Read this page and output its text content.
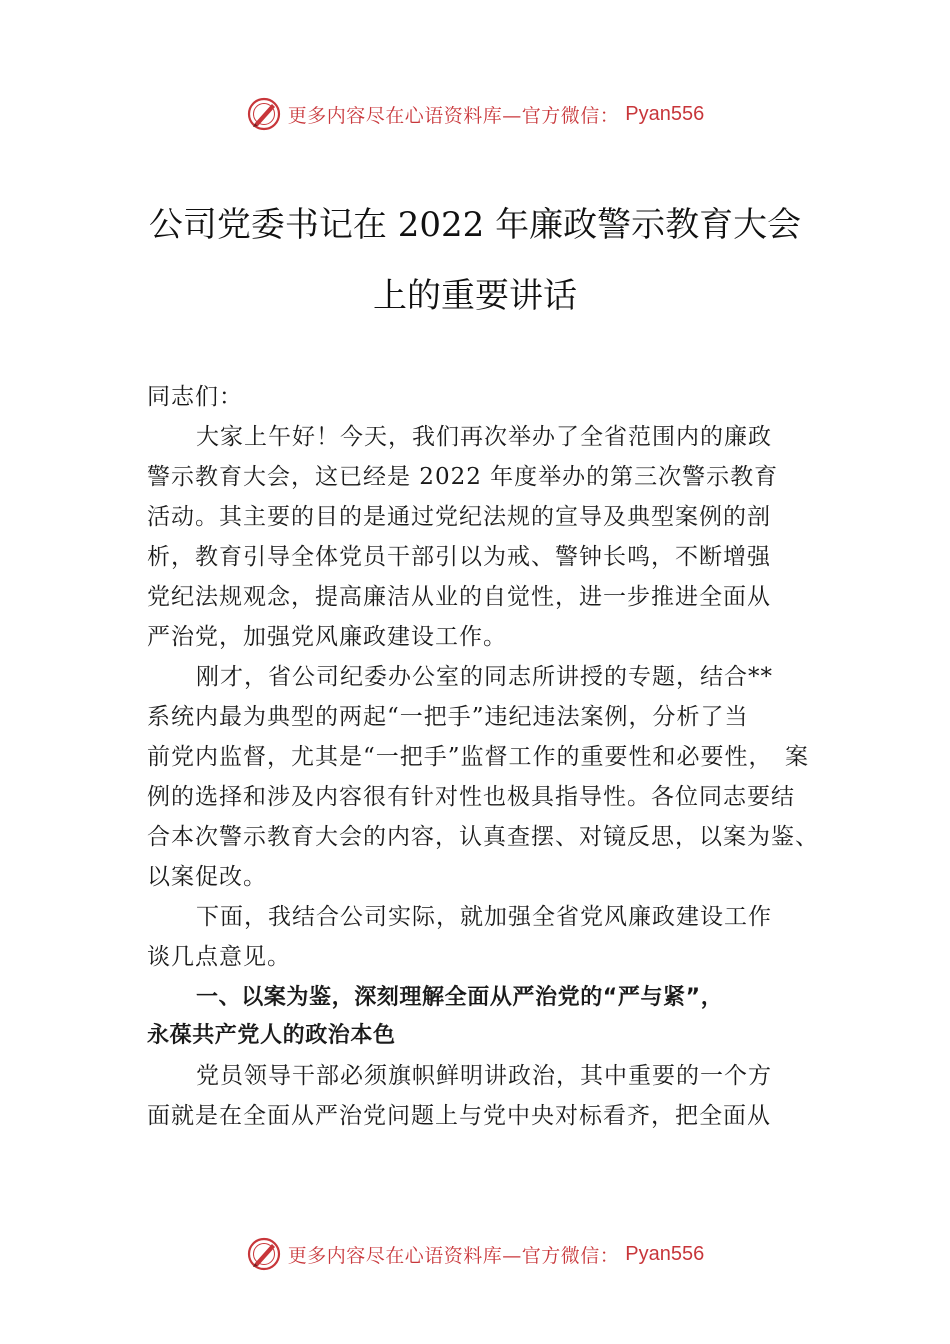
更多内容尽在心语资料库—官方微信： Pyan556
公司党委书记在 2022 年廉政警示教育大会
上的重要讲话
同志们：
大家上午好！今天，我们再次举办了全省范围内的廉政
警示教育大会，这已经是 2022 年度举办的第三次警示教育
活动。其主要的目的是通过党纪法规的宣导及典型案例的剖
析，教育引导全体党员干部引以为戒、警钟长鸣，不断增强
党纪法规观念，提高廉洁从业的自觉性，进一步推进全面从
严治党，加强党风廉政建设工作。
刚才，省公司纪委办公室的同志所讲授的专题，结合**
系统内最为典型的两起“一把手”违纪违法案例，分析了当
前党内监督，尤其是“一把手”监督工作的重要性和必要性，　案
例的选择和涉及内容很有针对性也极具指导性。各位同志要结
合本次警示教育大会的内容，认真查摆、对镜反思，以案为鉴、
以案促改。
下面，我结合公司实际，就加强全省党风廉政建设工作
谈几点意见。
一、以案为鉴，深刻理解全面从严治党的“严与紧”，
永葆共产党人的政治本色
党员领导干部必须旗帜鲜明讲政治，其中重要的一个方
面就是在全面从严治党问题上与党中央对标看齐，把全面从
更多内容尽在心语资料库—官方微信： Pyan556
